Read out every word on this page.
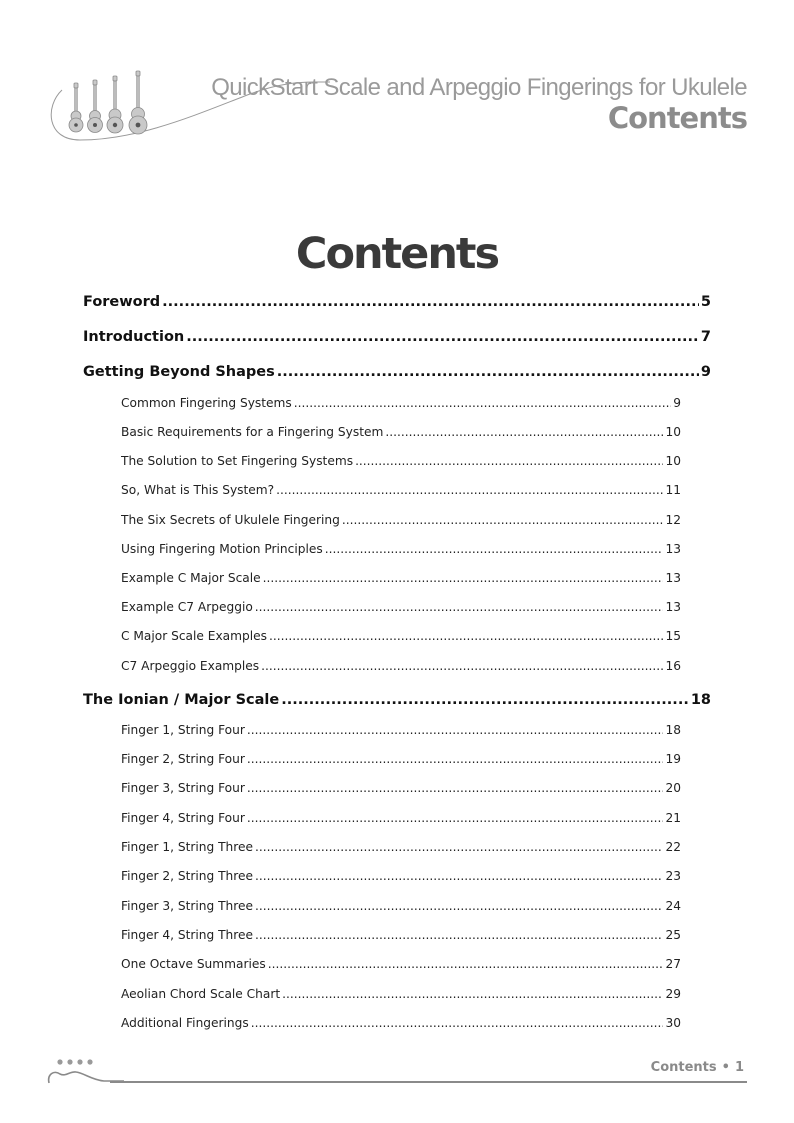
QuickStart Scale and Arpeggio Fingerings for Ukulele
Contents
Contents
Foreword .....	5
Introduction .....	7
Getting Beyond Shapes .....	9
Common Fingering Systems .....	9
Basic Requirements for a Fingering System .....	10
The Solution to Set Fingering Systems .....	10
So, What is This System? .....	11
The Six Secrets of Ukulele Fingering .....	12
Using Fingering Motion Principles .....	13
Example C Major Scale .....	13
Example C7 Arpeggio .....	13
C Major Scale Examples .....	15
C7 Arpeggio Examples .....	16
The Ionian / Major Scale .....	18
Finger 1, String Four .....	18
Finger 2, String Four .....	19
Finger 3, String Four .....	20
Finger 4, String Four .....	21
Finger 1, String Three .....	22
Finger 2, String Three .....	23
Finger 3, String Three .....	24
Finger 4, String Three .....	25
One Octave Summaries .....	27
Aeolian Chord Scale Chart .....	29
Additional Fingerings .....	30
Contents • 1
